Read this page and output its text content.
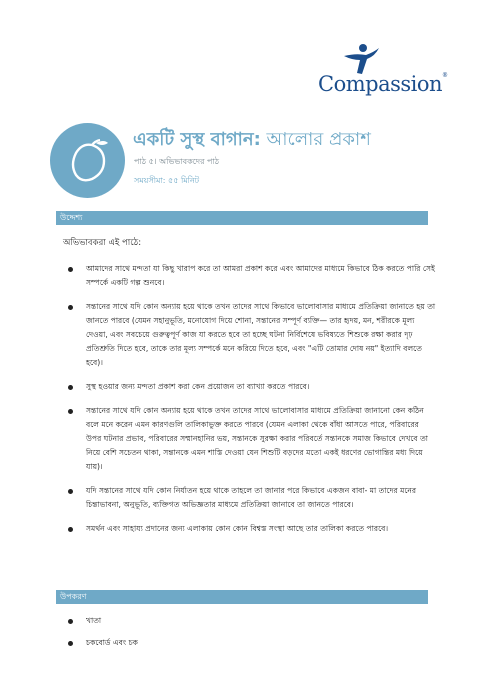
Compassion®
একটি সুস্থ বাগান: আলোর প্রকাশ
পাঠ ৫। অভিভাবকদের পাঠ
সময়সীমা: ৫৫ মিনিট
উদ্দেশ্য
অভিভাবকরা এই পাঠে:
আমাদের সাথে মন্দতা যা কিছু খারাপ করে তা আমরা প্রকাশ করে এবং আমাদের মাধ্যমে কিভাবে ঠিক করতে পারি সেই সম্পর্কে একটি গল্প শুনবে।
সন্তানের সাথে যদি কোন অন্যায় হয়ে থাকে তখন তাদের সাথে কিভাবে ভালোবাসার মাধ্যমে প্রতিক্রিয়া জানাতে হয় তা জানতে পারবে (যেমন সহানুভূতি, মনোযোগ দিয়ে শোনা, সন্তানের সম্পূর্ণ ব্যক্তি— তার হৃদয়, মন, শরীরকে মূল্য দেওয়া, এবং সবচেয়ে গুরুত্বপূর্ণ কাজ যা করতে হবে তা হচ্ছে ঘটনা নির্বিশেষে ভবিষ্যতে শিশুকে রক্ষা করার দৃঢ় প্রতিশ্রুতি দিতে হবে, তাকে তার মূল্য সম্পর্কে মনে করিয়ে দিতে হবে, এবং "এটি তোমার দোষ নয়" ইত্যাদি বলতে হবে)।
সুস্থ হওয়ার জন্য মন্দতা প্রকাশ করা কেন প্রয়োজন তা ব্যাখ্যা করতে পারবে।
সন্তানের সাথে যদি কোন অন্যায় হয়ে থাকে তখন তাদের সাথে ভালোবাসার মাধ্যমে প্রতিক্রিয়া জানানো কেন কঠিন বলে মনে করেন এমন কারণগুলি তালিকাভুক্ত করতে পারবে (যেমন এলাকা থেকে বাঁধা আসতে পারে, পরিবারের উপর ঘটনার প্রভাব, পরিবারের সম্মানহানির ভয়, সন্তানকে সুরক্ষা করার পরিবর্তে সন্তানকে সমাজ কিভাবে দেখবে তা নিয়ে বেশি সচেতন থাকা, সন্তানকে এমন শাস্তি দেওয়া যেন শিশুটি বড়দের মতো একই ধরণের ভোগান্তির মধ্য দিয়ে যায়)।
যদি সন্তানের সাথে যদি কোন নির্যাতন হয়ে থাকে তাহলে তা জানার পরে কিভাবে একজন বাবা- মা তাদের মনের চিন্তাভাবনা, অনুভূতি, ব্যক্তিগত অভিজ্ঞতার মাধ্যমে প্রতিক্রিয়া জানাবে তা জানতে পারবে।
সমর্থন এবং সাহায্য প্রদানের জন্য এলাকায় কোন কোন বিশ্বস্ত সংস্থা আছে তার তালিকা করতে পারবে।
উপকরণ
খাতা
চকবোর্ড এবং চক
